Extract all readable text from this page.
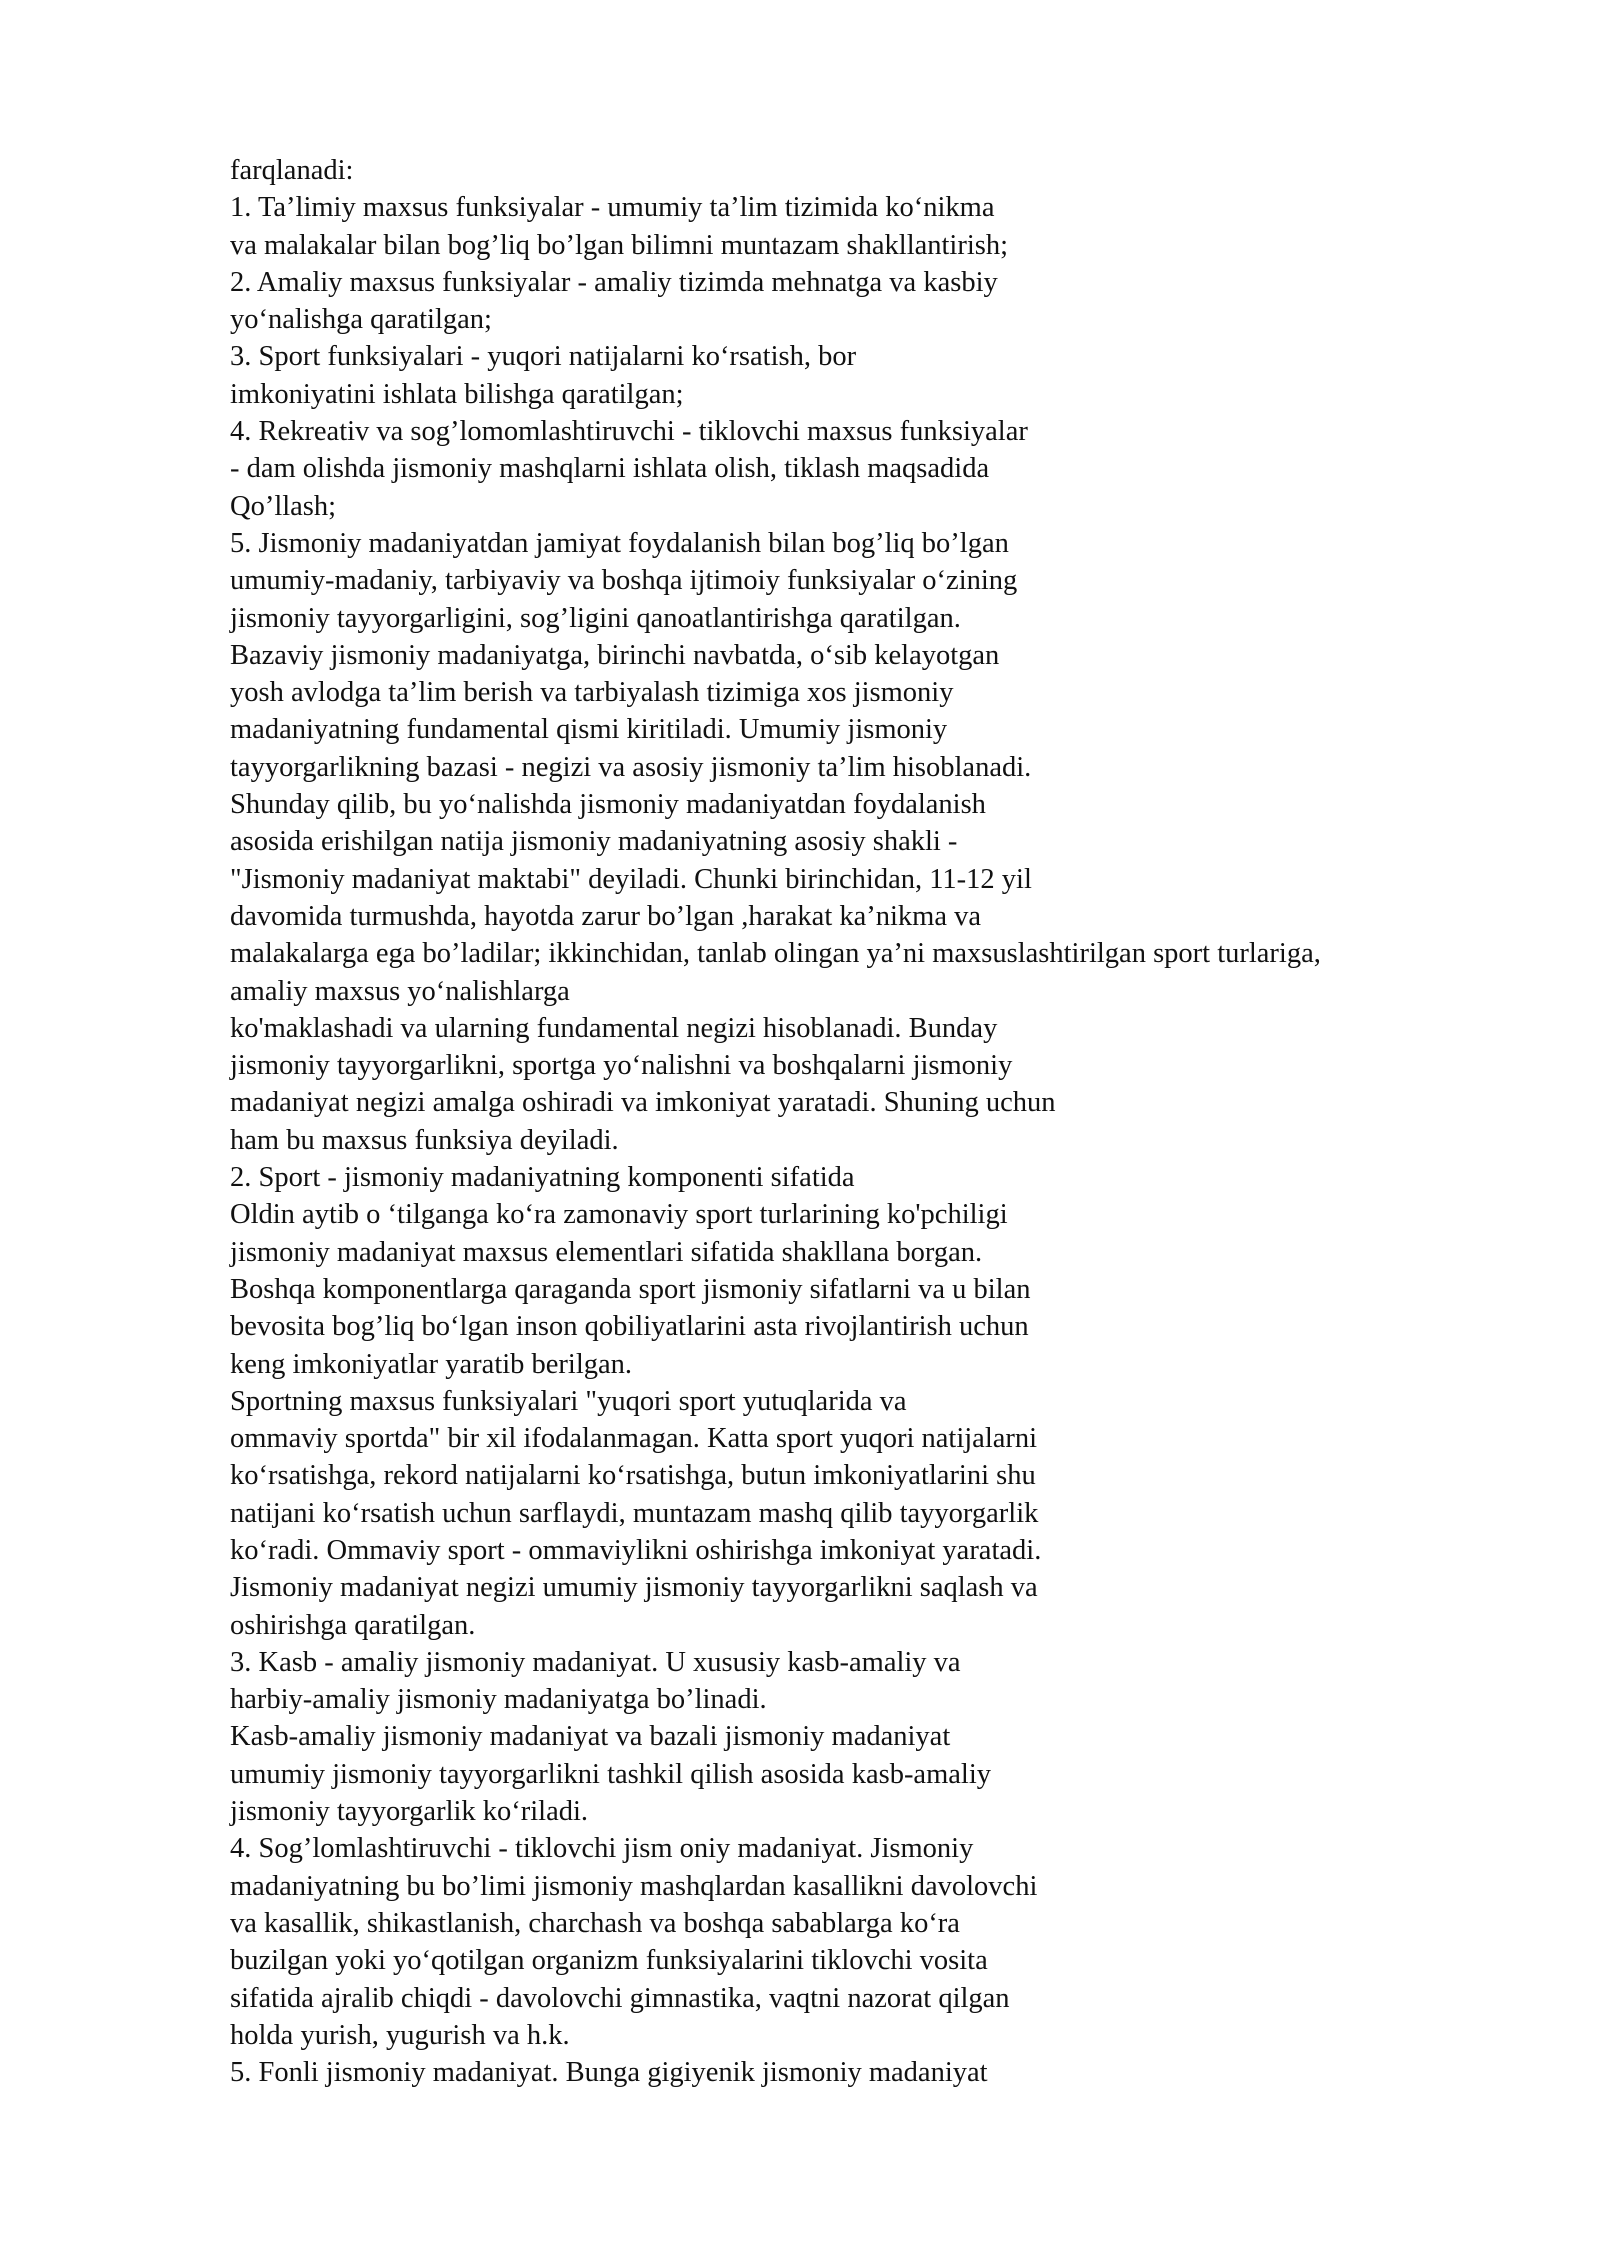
farqlanadi:
1. Ta’limiy maxsus funksiyalar - umumiy ta’lim tizimida koʻnikma
va malakalar bilan bog’liq bo’lgan bilimni muntazam shakllantirish;
2. Amaliy maxsus funksiyalar - amaliy tizimda mehnatga va kasbiy
yoʻnalishga qaratilgan;
3. Sport funksiyalari - yuqori natijalarni koʻrsatish, bor
imkoniyatini ishlata bilishga qaratilgan;
4. Rekreativ va sog’lomomlashtiruvchi - tiklovchi maxsus funksiyalar
- dam olishda jismoniy mashqlarni ishlata olish, tiklash maqsadida
Qo’llash;
5. Jismoniy madaniyatdan jamiyat foydalanish bilan bog’liq bo’lgan
umumiy-madaniy, tarbiyaviy va boshqa ijtimoiy funksiyalar oʻzining
jismoniy tayyorgarligini, sog’ligini qanoatlantirishga qaratilgan.
Bazaviy jismoniy madaniyatga, birinchi navbatda, oʻsib kelayotgan
yosh avlodga ta’lim berish va tarbiyalash tizimiga xos jismoniy
madaniyatning fundamental qismi kiritiladi. Umumiy jismoniy
tayyorgarlikning bazasi - negizi va asosiy jismoniy ta’lim hisoblanadi.
Shunday qilib, bu yoʻnalishda jismoniy madaniyatdan foydalanish
asosida erishilgan natija jismoniy madaniyatning asosiy shakli -
"Jismoniy madaniyat maktabi" deyiladi. Chunki birinchidan, 11-12 yil
davomida turmushda, hayotda zarur bo’lgan ,harakat ka’nikma va
malakalarga ega bo’ladilar; ikkinchidan, tanlab olingan ya’ni maxsuslashtirilgan sport turlariga,
amaliy maxsus yoʻnalishlarga
ko'maklashadi va ularning fundamental negizi hisoblanadi. Bunday
jismoniy tayyorgarlikni, sportga yoʻnalishni va boshqalarni jismoniy
madaniyat negizi amalga oshiradi va imkoniyat yaratadi. Shuning uchun
ham bu maxsus funksiya deyiladi.
2. Sport - jismoniy madaniyatning komponenti sifatida
Oldin aytib o ‘tilganga koʻra zamonaviy sport turlarining ko'pchiligi
jismoniy madaniyat maxsus elementlari sifatida shakllana borgan.
Boshqa komponentlarga qaraganda sport jismoniy sifatlarni va u bilan
bevosita bog’liq boʻlgan inson qobiliyatlarini asta rivojlantirish uchun
keng imkoniyatlar yaratib berilgan.
Sportning maxsus funksiyalari "yuqori sport yutuqlarida va
ommaviy sportda" bir xil ifodalanmagan. Katta sport yuqori natijalarni
koʻrsatishga, rekord natijalarni koʻrsatishga, butun imkoniyatlarini shu
natijani koʻrsatish uchun sarflaydi, muntazam mashq qilib tayyorgarlik
koʻradi. Ommaviy sport - ommaviylikni oshirishga imkoniyat yaratadi.
Jismoniy madaniyat negizi umumiy jismoniy tayyorgarlikni saqlash va
oshirishga qaratilgan.
3. Kasb - amaliy jismoniy madaniyat. U xususiy kasb-amaliy va
harbiy-amaliy jismoniy madaniyatga bo’linadi.
Kasb-amaliy jismoniy madaniyat va bazali jismoniy madaniyat
umumiy jismoniy tayyorgarlikni tashkil qilish asosida kasb-amaliy
jismoniy tayyorgarlik koʻriladi.
4. Sog’lomlashtiruvchi - tiklovchi jism oniy madaniyat. Jismoniy
madaniyatning bu bo’limi jismoniy mashqlardan kasallikni davolovchi
va kasallik, shikastlanish, charchash va boshqa sabablarga koʻra
buzilgan yoki yoʻqotilgan organizm funksiyalarini tiklovchi vosita
sifatida ajralib chiqdi - davolovchi gimnastika, vaqtni nazorat qilgan
holda yurish, yugurish va h.k.
5. Fonli jismoniy madaniyat. Bunga gigiyenik jismoniy madaniyat
